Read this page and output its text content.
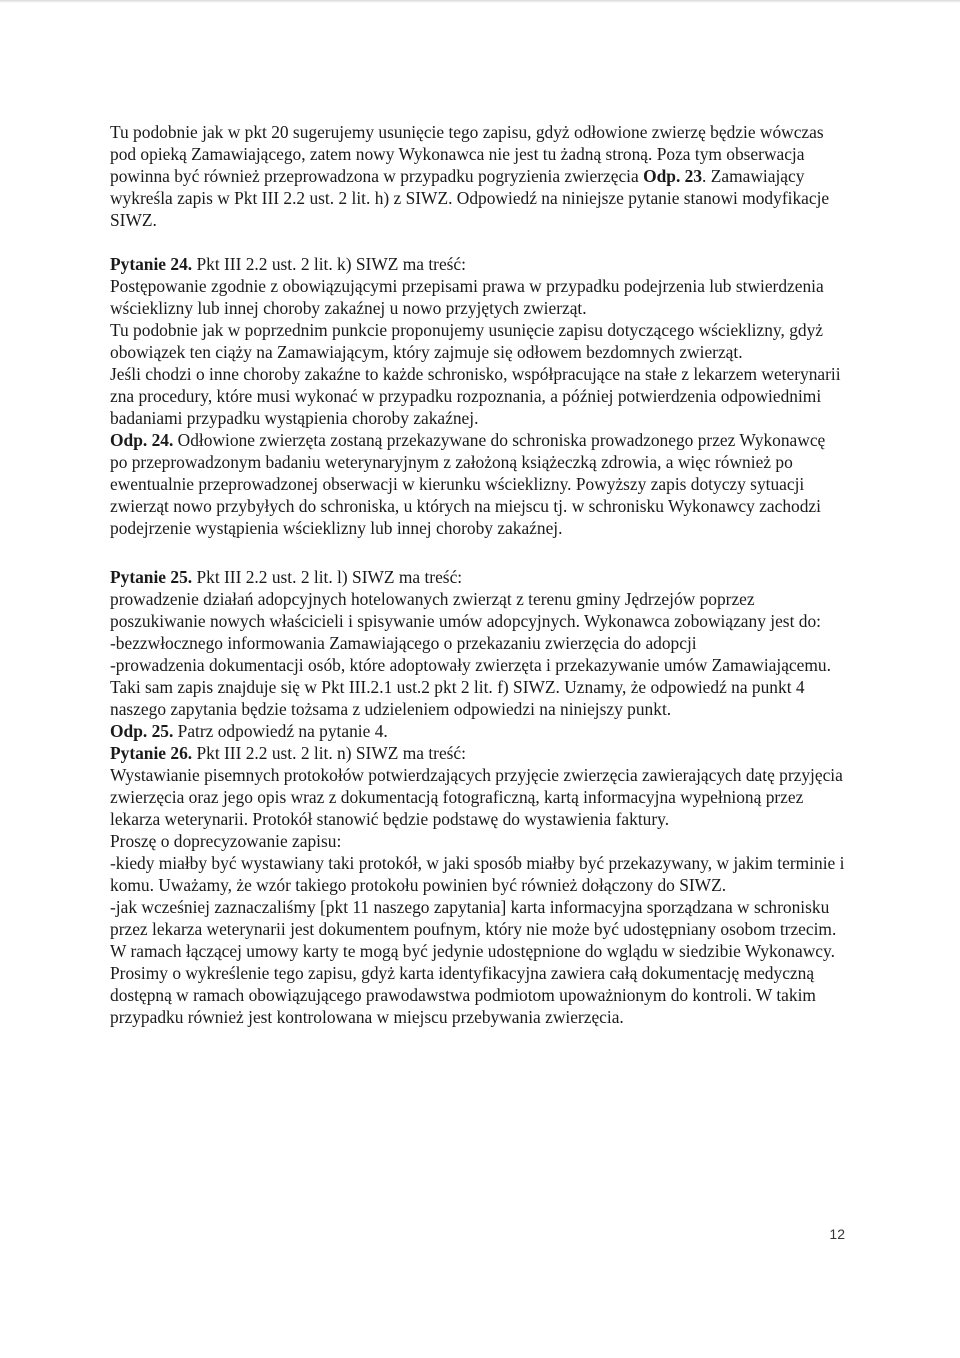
Tu podobnie jak w pkt 20 sugerujemy usunięcie tego zapisu, gdyż odłowione zwierzę będzie wówczas pod opieką Zamawiającego, zatem nowy Wykonawca nie jest tu żadną stroną. Poza tym obserwacja powinna być również przeprowadzona w przypadku pogryzienia zwierzęcia Odp. 23. Zamawiający wykreśla zapis w Pkt III 2.2 ust. 2 lit. h) z SIWZ. Odpowiedź na niniejsze pytanie stanowi modyfikacje SIWZ.

Pytanie 24. Pkt III 2.2 ust. 2 lit. k) SIWZ ma treść:

Postępowanie zgodnie z obowiązującymi przepisami prawa w przypadku podejrzenia lub stwierdzenia wścieklizny lub innej choroby zakaźnej u nowo przyjętych zwierząt.

Tu podobnie jak w poprzednim punkcie proponujemy usunięcie zapisu dotyczącego wścieklizny, gdyż obowiązek ten ciąży na Zamawiającym, który zajmuje się odłowem bezdomnych zwierząt.

Jeśli chodzi o inne choroby zakaźne to każde schronisko, współpracujące na stałe z lekarzem weterynarii zna procedury, które musi wykonać w przypadku rozpoznania, a później potwierdzenia odpowiednimi badaniami przypadku wystąpienia choroby zakaźnej.

Odp. 24. Odłowione zwierzęta zostaną przekazywane do schroniska prowadzonego przez Wykonawcę po przeprowadzonym badaniu weterynaryjnym z założoną książeczką zdrowia, a więc również po ewentualnie przeprowadzonej obserwacji w kierunku wścieklizny. Powyższy zapis dotyczy sytuacji zwierząt nowo przybyłych do schroniska, u których na miejscu tj. w schronisku Wykonawcy zachodzi podejrzenie wystąpienia wścieklizny lub innej choroby zakaźnej.

Pytanie 25. Pkt III 2.2 ust. 2 lit. l) SIWZ ma treść:

prowadzenie działań adopcyjnych hotelowanych zwierząt z terenu gminy Jędrzejów poprzez poszukiwanie nowych właścicieli i spisywanie umów adopcyjnych. Wykonawca zobowiązany jest do:

-bezzwłocznego informowania Zamawiającego o przekazaniu zwierzęcia do adopcji

-prowadzenia dokumentacji osób, które adoptowały zwierzęta i przekazywanie umów Zamawiającemu.

Taki sam zapis znajduje się w Pkt III.2.1 ust.2 pkt 2 lit. f) SIWZ. Uznamy, że odpowiedź na punkt 4 naszego zapytania będzie tożsama z udzieleniem odpowiedzi na niniejszy punkt.

Odp. 25. Patrz odpowiedź na pytanie 4.

Pytanie 26. Pkt III 2.2 ust. 2 lit. n) SIWZ ma treść:

Wystawianie pisemnych protokołów potwierdzających przyjęcie zwierzęcia zawierających datę przyjęcia zwierzęcia oraz jego opis wraz z dokumentacją fotograficzną, kartą informacyjna wypełnioną przez lekarza weterynarii. Protokół stanowić będzie podstawę do wystawienia faktury.

Proszę o doprecyzowanie zapisu:

-kiedy miałby być wystawiany taki protokół, w jaki sposób miałby być przekazywany, w jakim terminie i komu. Uważamy, że wzór takiego protokołu powinien być również dołączony do SIWZ.

-jak wcześniej zaznaczaliśmy [pkt 11 naszego zapytania] karta informacyjna sporządzana w schronisku przez lekarza weterynarii jest dokumentem poufnym, który nie może być udostępniany osobom trzecim. W ramach łączącej umowy karty te mogą być jedynie udostępnione do wglądu w siedzibie Wykonawcy.

Prosimy o wykreślenie tego zapisu, gdyż karta identyfikacyjna zawiera całą dokumentację medyczną dostępną w ramach obowiązującego prawodawstwa podmiotom upoważnionym do kontroli. W takim przypadku również jest kontrolowana w miejscu przebywania zwierzęcia.

12
